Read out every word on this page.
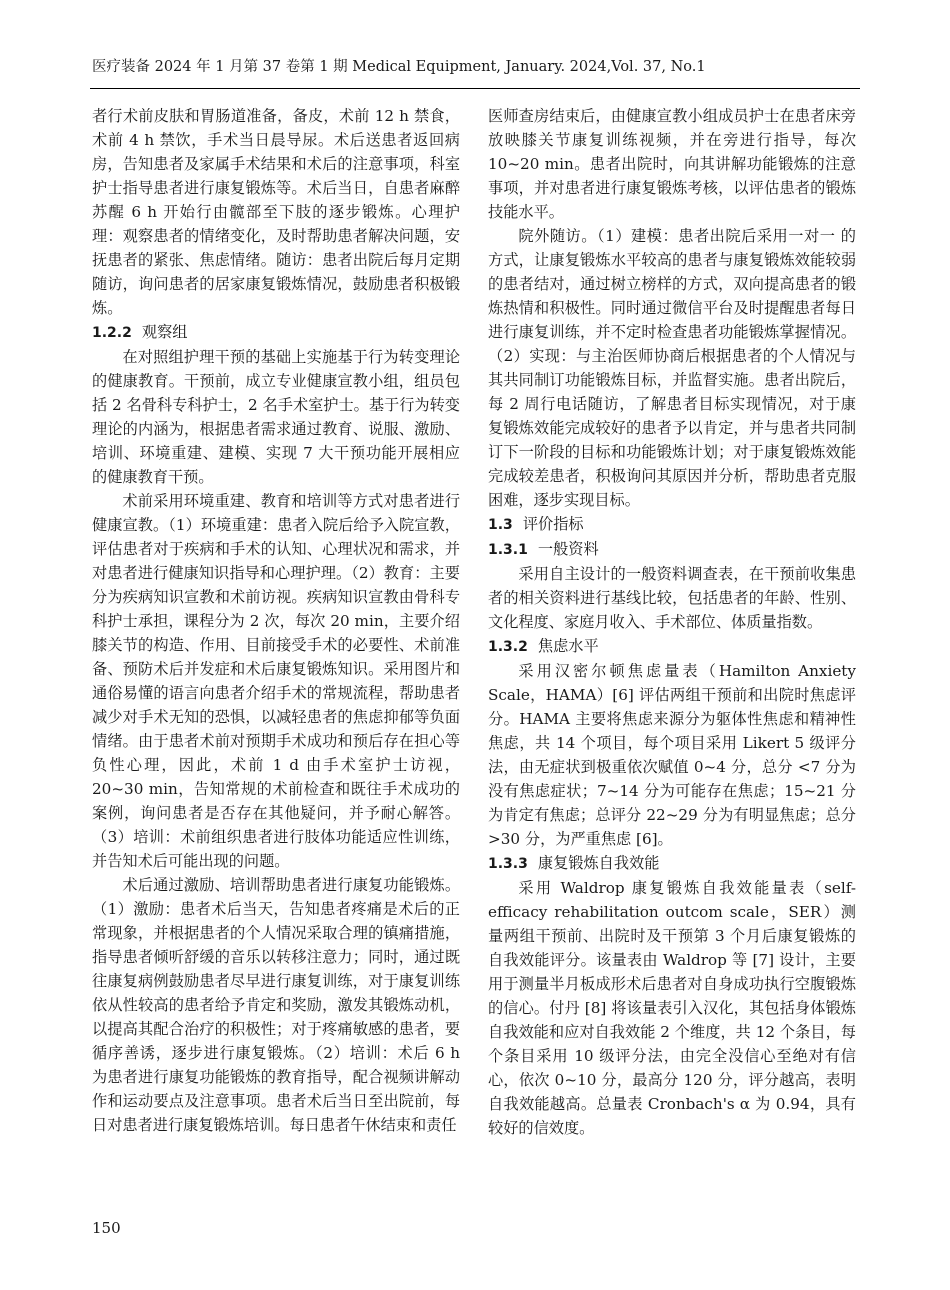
医疗装备 2024 年 1 月第 37 卷第 1 期 Medical Equipment, January. 2024,Vol. 37, No.1

者行术前皮肤和胃肠道准备，备皮，术前 12 h 禁食，术前 4 h 禁饮，手术当日晨导尿。术后送患者返回病房，告知患者及家属手术结果和术后的注意事项，科室护士指导患者进行康复锻炼等。术后当日，自患者麻醉苏醒 6 h 开始行由髋部至下肢的逐步锻炼。心理护理：观察患者的情绪变化，及时帮助患者解决问题，安抚患者的紧张、焦虑情绪。随访：患者出院后每月定期随访，询问患者的居家康复锻炼情况，鼓励患者积极锻炼。

1.2.2 观察组

在对照组护理干预的基础上实施基于行为转变理论的健康教育。干预前，成立专业健康宣教小组，组员包括 2 名骨科专科护士，2 名手术室护士。基于行为转变理论的内涵为，根据患者需求通过教育、说服、激励、培训、环境重建、建模、实现 7 大干预功能开展相应的健康教育干预。

术前采用环境重建、教育和培训等方式对患者进行健康宣教。（1）环境重建：患者入院后给予入院宣教，评估患者对于疾病和手术的认知、心理状况和需求，并对患者进行健康知识指导和心理护理。（2）教育：主要分为疾病知识宣教和术前访视。疾病知识宣教由骨科专科护士承担，课程分为 2 次，每次 20 min，主要介绍膝关节的构造、作用、目前接受手术的必要性、术前准备、预防术后并发症和术后康复锻炼知识。采用图片和通俗易懂的语言向患者介绍手术的常规流程，帮助患者减少对手术无知的恐惧，以减轻患者的焦虑抑郁等负面情绪。由于患者术前对预期手术成功和预后存在担心等负性心理，因此，术前 1 d 由手术室护士访视，20~30 min，告知常规的术前检查和既往手术成功的案例，询问患者是否存在其他疑问，并予耐心解答。（3）培训：术前组织患者进行肢体功能适应性训练，并告知术后可能出现的问题。

术后通过激励、培训帮助患者进行康复功能锻炼。（1）激励：患者术后当天，告知患者疼痛是术后的正常现象，并根据患者的个人情况采取合理的镇痛措施，指导患者倾听舒缓的音乐以转移注意力；同时，通过既往康复病例鼓励患者尽早进行康复训练，对于康复训练依从性较高的患者给予肯定和奖励，激发其锻炼动机，以提高其配合治疗的积极性；对于疼痛敏感的患者，要循序善诱，逐步进行康复锻炼。（2）培训：术后 6 h 为患者进行康复功能锻炼的教育指导，配合视频讲解动作和运动要点及注意事项。患者术后当日至出院前，每日对患者进行康复锻炼培训。每日患者午休结束和责任

医师查房结束后，由健康宣教小组成员护士在患者床旁放映膝关节康复训练视频，并在旁进行指导，每次 10~20 min。患者出院时，向其讲解功能锻炼的注意事项，并对患者进行康复锻炼考核，以评估患者的锻炼技能水平。

院外随访。（1）建模：患者出院后采用一对一 的方式，让康复锻炼水平较高的患者与康复锻炼效能较弱的患者结对，通过树立榜样的方式，双向提高患者的锻炼热情和积极性。同时通过微信平台及时提醒患者每日进行康复训练，并不定时检查患者功能锻炼掌握情况。（2）实现：与主治医师协商后根据患者的个人情况与其共同制订功能锻炼目标，并监督实施。患者出院后，每 2 周行电话随访，了解患者目标实现情况，对于康复锻炼效能完成较好的患者予以肯定，并与患者共同制订下一阶段的目标和功能锻炼计划；对于康复锻炼效能完成较差患者，积极询问其原因并分析，帮助患者克服困难，逐步实现目标。

1.3 评价指标
1.3.1 一般资料

采用自主设计的一般资料调查表，在干预前收集患者的相关资料进行基线比较，包括患者的年龄、性别、文化程度、家庭月收入、手术部位、体质量指数。

1.3.2 焦虑水平

采用汉密尔顿焦虑量表（Hamilton Anxiety Scale，HAMA）[6] 评估两组干预前和出院时焦虑评分。HAMA 主要将焦虑来源分为躯体性焦虑和精神性焦虑，共 14 个项目，每个项目采用 Likert 5 级评分法，由无症状到极重依次赋值 0~4 分，总分 <7 分为没有焦虑症状；7~14 分为可能存在焦虑；15~21 分为肯定有焦虑；总评分 22~29 分为有明显焦虑；总分 >30 分，为严重焦虑 [6]。

1.3.3 康复锻炼自我效能

采用 Waldrop 康复锻炼自我效能量表（self-efficacy rehabilitation outcom scale，SER）测量两组干预前、出院时及干预第 3 个月后康复锻炼的自我效能评分。该量表由 Waldrop 等 [7] 设计，主要用于测量半月板成形术后患者对自身成功执行空腹锻炼的信心。付丹 [8] 将该量表引入汉化，其包括身体锻炼自我效能和应对自我效能 2 个维度，共 12 个条目，每个条目采用 10 级评分法，由完全没信心至绝对有信心，依次 0~10 分，最高分 120 分，评分越高，表明自我效能越高。总量表 Cronbach's α 为 0.94，具有较好的信效度。

150
